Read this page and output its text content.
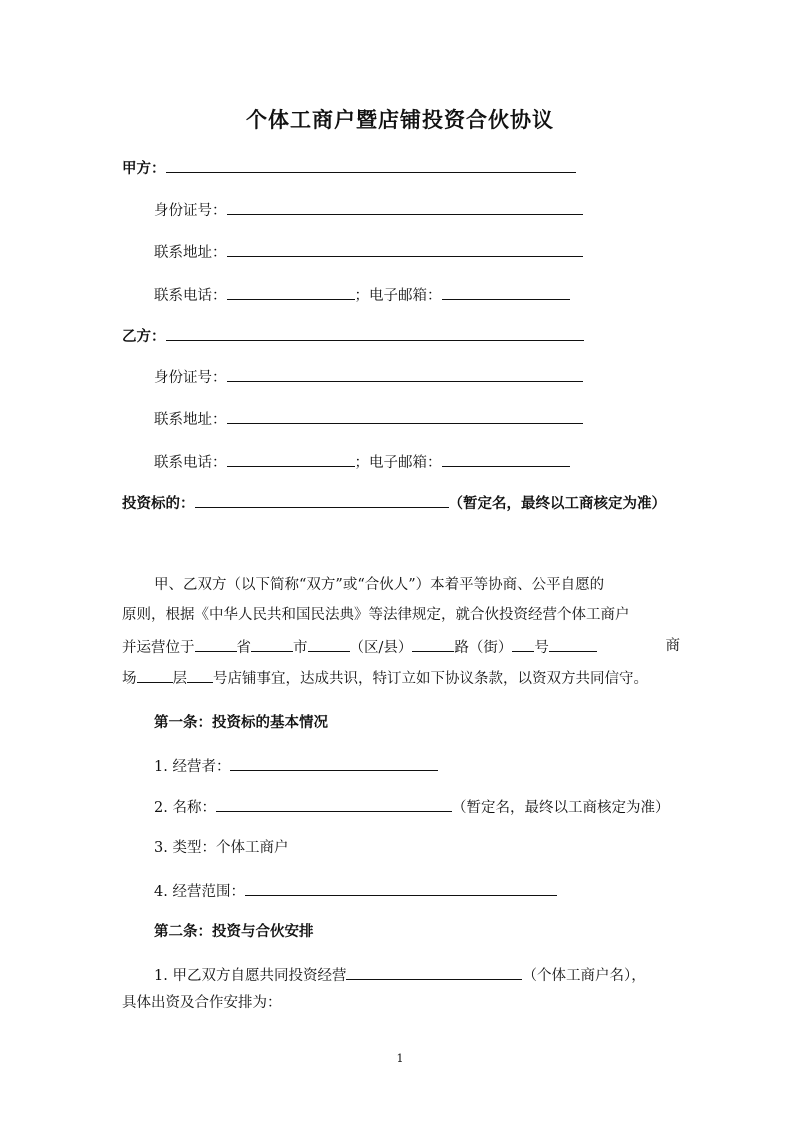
个体工商户暨店铺投资合伙协议
甲方：
身份证号：
联系地址：
联系电话：	；电子邮箱：
乙方：
身份证号：
联系地址：
联系电话：	；电子邮箱：
投资标的：	（暂定名，最终以工商核定为准）
甲、乙双方（以下简称“双方”或“合伙人”）本着平等协商、公平自愿的
原则，根据《中华人民共和国民法典》等法律规定，就合伙投资经营个体工商户
并运营位于	省	市	（区/县）	路（街） 号	商
场 层 号店铺事宜，达成共识，特订立如下协议条款，以资双方共同信守。
第一条：投资标的基本情况
1. 经营者：
2. 名称：	（暂定名，最终以工商核定为准）
3. 类型：个体工商户
4. 经营范围：
第二条：投资与合伙安排
1. 甲乙双方自愿共同投资经营	（个体工商户名），
具体出资及合作安排为：
1
